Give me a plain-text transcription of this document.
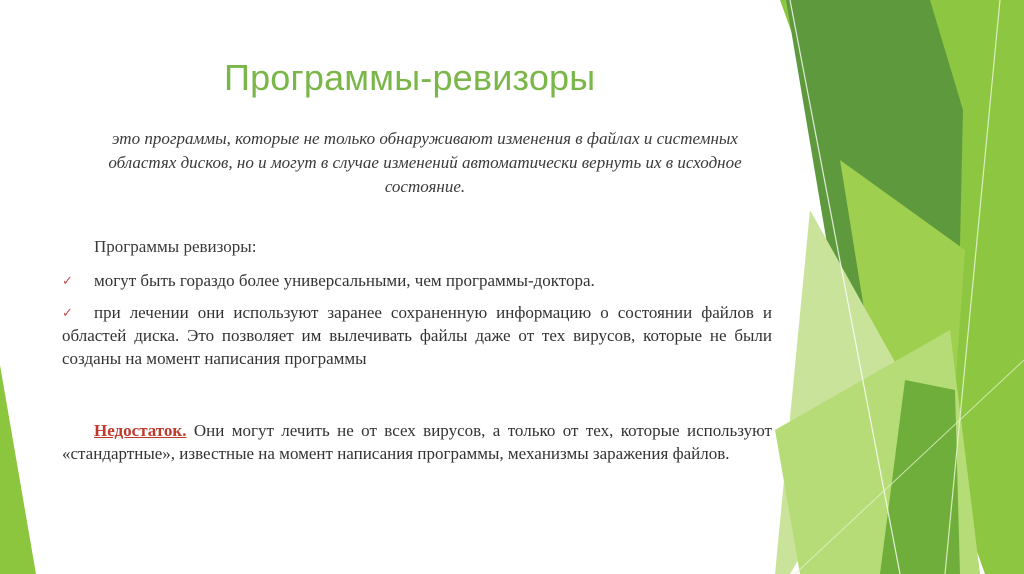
Программы-ревизоры

это программы, которые не только обнаруживают изменения в файлах и системных областях дисков, но и могут в случае изменений автоматически вернуть их в исходное состояние.

Программы ревизоры:

✓ могут быть гораздо более универсальными, чем программы-доктора.
✓ при лечении они используют заранее сохраненную информацию о состоянии файлов и областей диска. Это позволяет им вылечивать файлы даже от тех вирусов, которые не были созданы на момент написания программы

Недостаток. Они могут лечить не от всех вирусов, а только от тех, которые используют «стандартные», известные на момент написания программы, механизмы заражения файлов.
